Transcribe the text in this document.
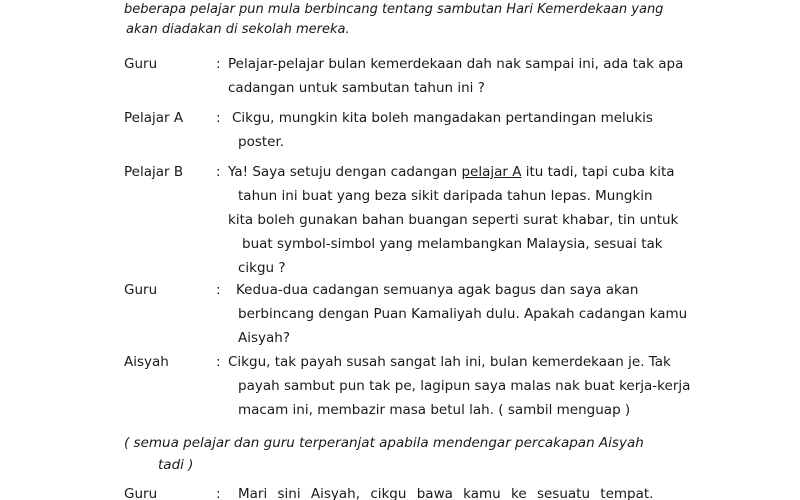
beberapa pelajar pun mula berbincang tentang sambutan Hari Kemerdekaan yang
akan diadakan di sekolah mereka.
Guru	: Pelajar-pelajar bulan kemerdekaan dah nak sampai ini, ada tak apa
cadangan untuk sambutan tahun ini ?
Pelajar A	: Cikgu, mungkin kita boleh mangadakan pertandingan melukis
poster.
Pelajar B	: Ya! Saya setuju dengan cadangan pelajar A itu tadi, tapi cuba kita
tahun ini buat yang beza sikit daripada tahun lepas. Mungkin
kita boleh gunakan bahan buangan seperti surat khabar, tin untuk
buat symbol-simbol yang melambangkan Malaysia, sesuai tak
cikgu ?
Guru	:	Kedua-dua cadangan semuanya agak bagus dan saya akan
berbincang dengan Puan Kamaliyah dulu. Apakah cadangan kamu
Aisyah?
Aisyah	: Cikgu, tak payah susah sangat lah ini, bulan kemerdekaan je. Tak
payah sambut pun tak pe, lagipun saya malas nak buat kerja-kerja
macam ini, membazir masa betul lah. ( sambil menguap )
( semua pelajar dan guru terperanjat apabila mendengar percakapan Aisyah
tadi )
Guru	:	Mari sini Aisyah, cikgu bawa kamu ke sesuatu tempat.
